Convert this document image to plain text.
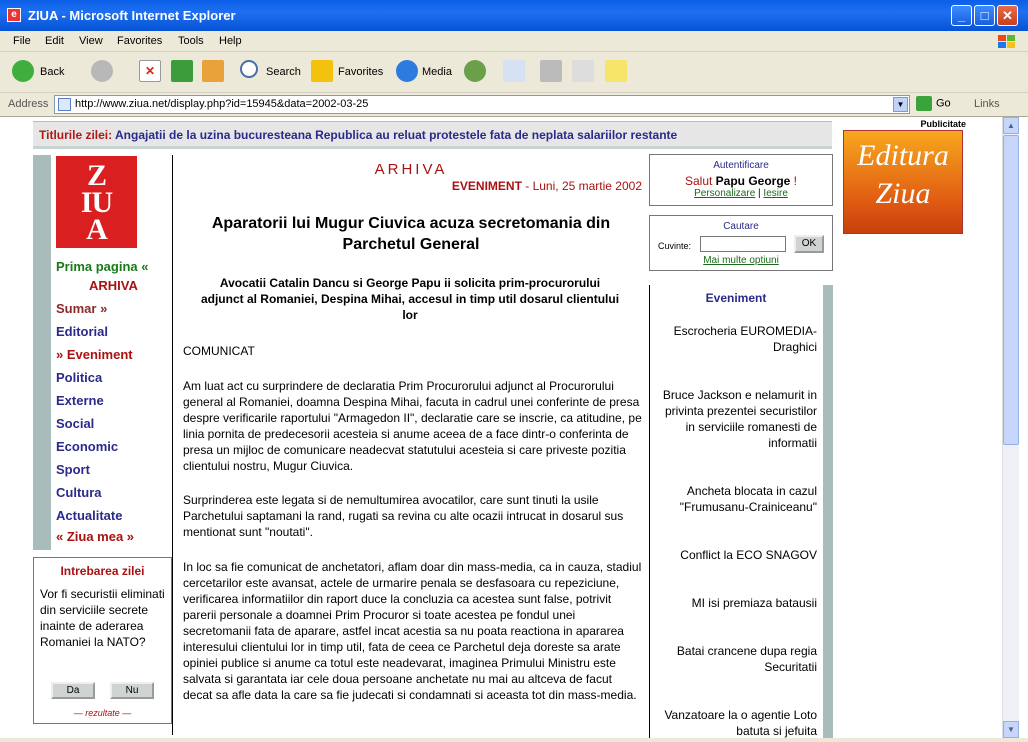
e ZIUA - Microsoft Internet Explorer	_	□	✕
File Edit View Favorites Tools Help
Back	✕	Search	Favorites	Media
Address	http://www.ziua.net/display.php?id=15945&data=2002-03-25	▼	Go Links
Titlurile zilei: Angajatii de la uzina bucuresteana Republica au reluat protestele fata de neplata salariilor restante
Z
IU
A
Prima pagina «
ARHIVA
Sumar »
Editorial
» Eveniment
Politica
Externe
Social
Economic
Sport
Cultura
Actualitate
« Ziua mea »
Intrebarea zilei
Vor fi securistii eliminati din serviciile secrete inainte de aderarea Romaniei la NATO?
Da	Nu
— rezultate —
ARHIVA
EVENIMENT - Luni, 25 martie 2002
Aparatorii lui Mugur Ciuvica acuza secretomania din Parchetul General
Avocatii Catalin Dancu si George Papu ii solicita prim-procurorului adjunct al Romaniei, Despina Mihai, accesul in timp util dosarul clientului lor
COMUNICAT
Am luat act cu surprindere de declaratia Prim Procurorului adjunct al Procurorului general al Romaniei, doamna Despina Mihai, facuta in cadrul unei conferinte de presa despre verificarile raportului "Armagedon II", declaratie care se inscrie, ca atitudine, pe linia pornita de predecesorii acesteia si anume aceea de a face dintr-o conferinta de presa un mijloc de comunicare neadecvat statutului acesteia si care priveste pozitia clientului nostru, Mugur Ciuvica.
Surprinderea este legata si de nemultumirea avocatilor, care sunt tinuti la usile Parchetului saptamani la rand, rugati sa revina cu alte ocazii intrucat in dosarul sus mentionat sunt "noutati".
In loc sa fie comunicat de anchetatori, aflam doar din mass-media, ca in cauza, stadiul cercetarilor este avansat, actele de urmarire penala se desfasoara cu repeziciune, verificarea informatiilor din raport duce la concluzia ca acestea sunt false, potrivit parerii personale a doamnei Prim Procuror si toate acestea pe fondul unei secretomanii fata de aparare, astfel incat acestia sa nu poata reactiona in apararea interesului clientului lor in timp util, fata de ceea ce Parchetul deja doreste sa arate opiniei publice si anume ca totul este neadevarat, imaginea Primului Ministru este salvata si garantata iar cele doua persoane anchetate nu mai au altceva de facut decat sa afle data la care sa fie judecati si condamnati si aceasta tot din mass-media.
Autentificare
Salut Papu George !
Personalizare | Iesire
Cautare
Cuvinte:	OK
Mai multe optiuni
Eveniment
Escrocheria EUROMEDIA-Draghici
Bruce Jackson e nelamurit in privinta prezentei securistilor in serviciile romanesti de informatii
Ancheta blocata in cazul "Frumusanu-Crainiceanu"
Conflict la ECO SNAGOV
MI isi premiaza batausii
Batai crancene dupa regia Securitatii
Vanzatoare la o agentie Loto batuta si jefuita
Publicitate
Editura
Ziua
▲
▼
